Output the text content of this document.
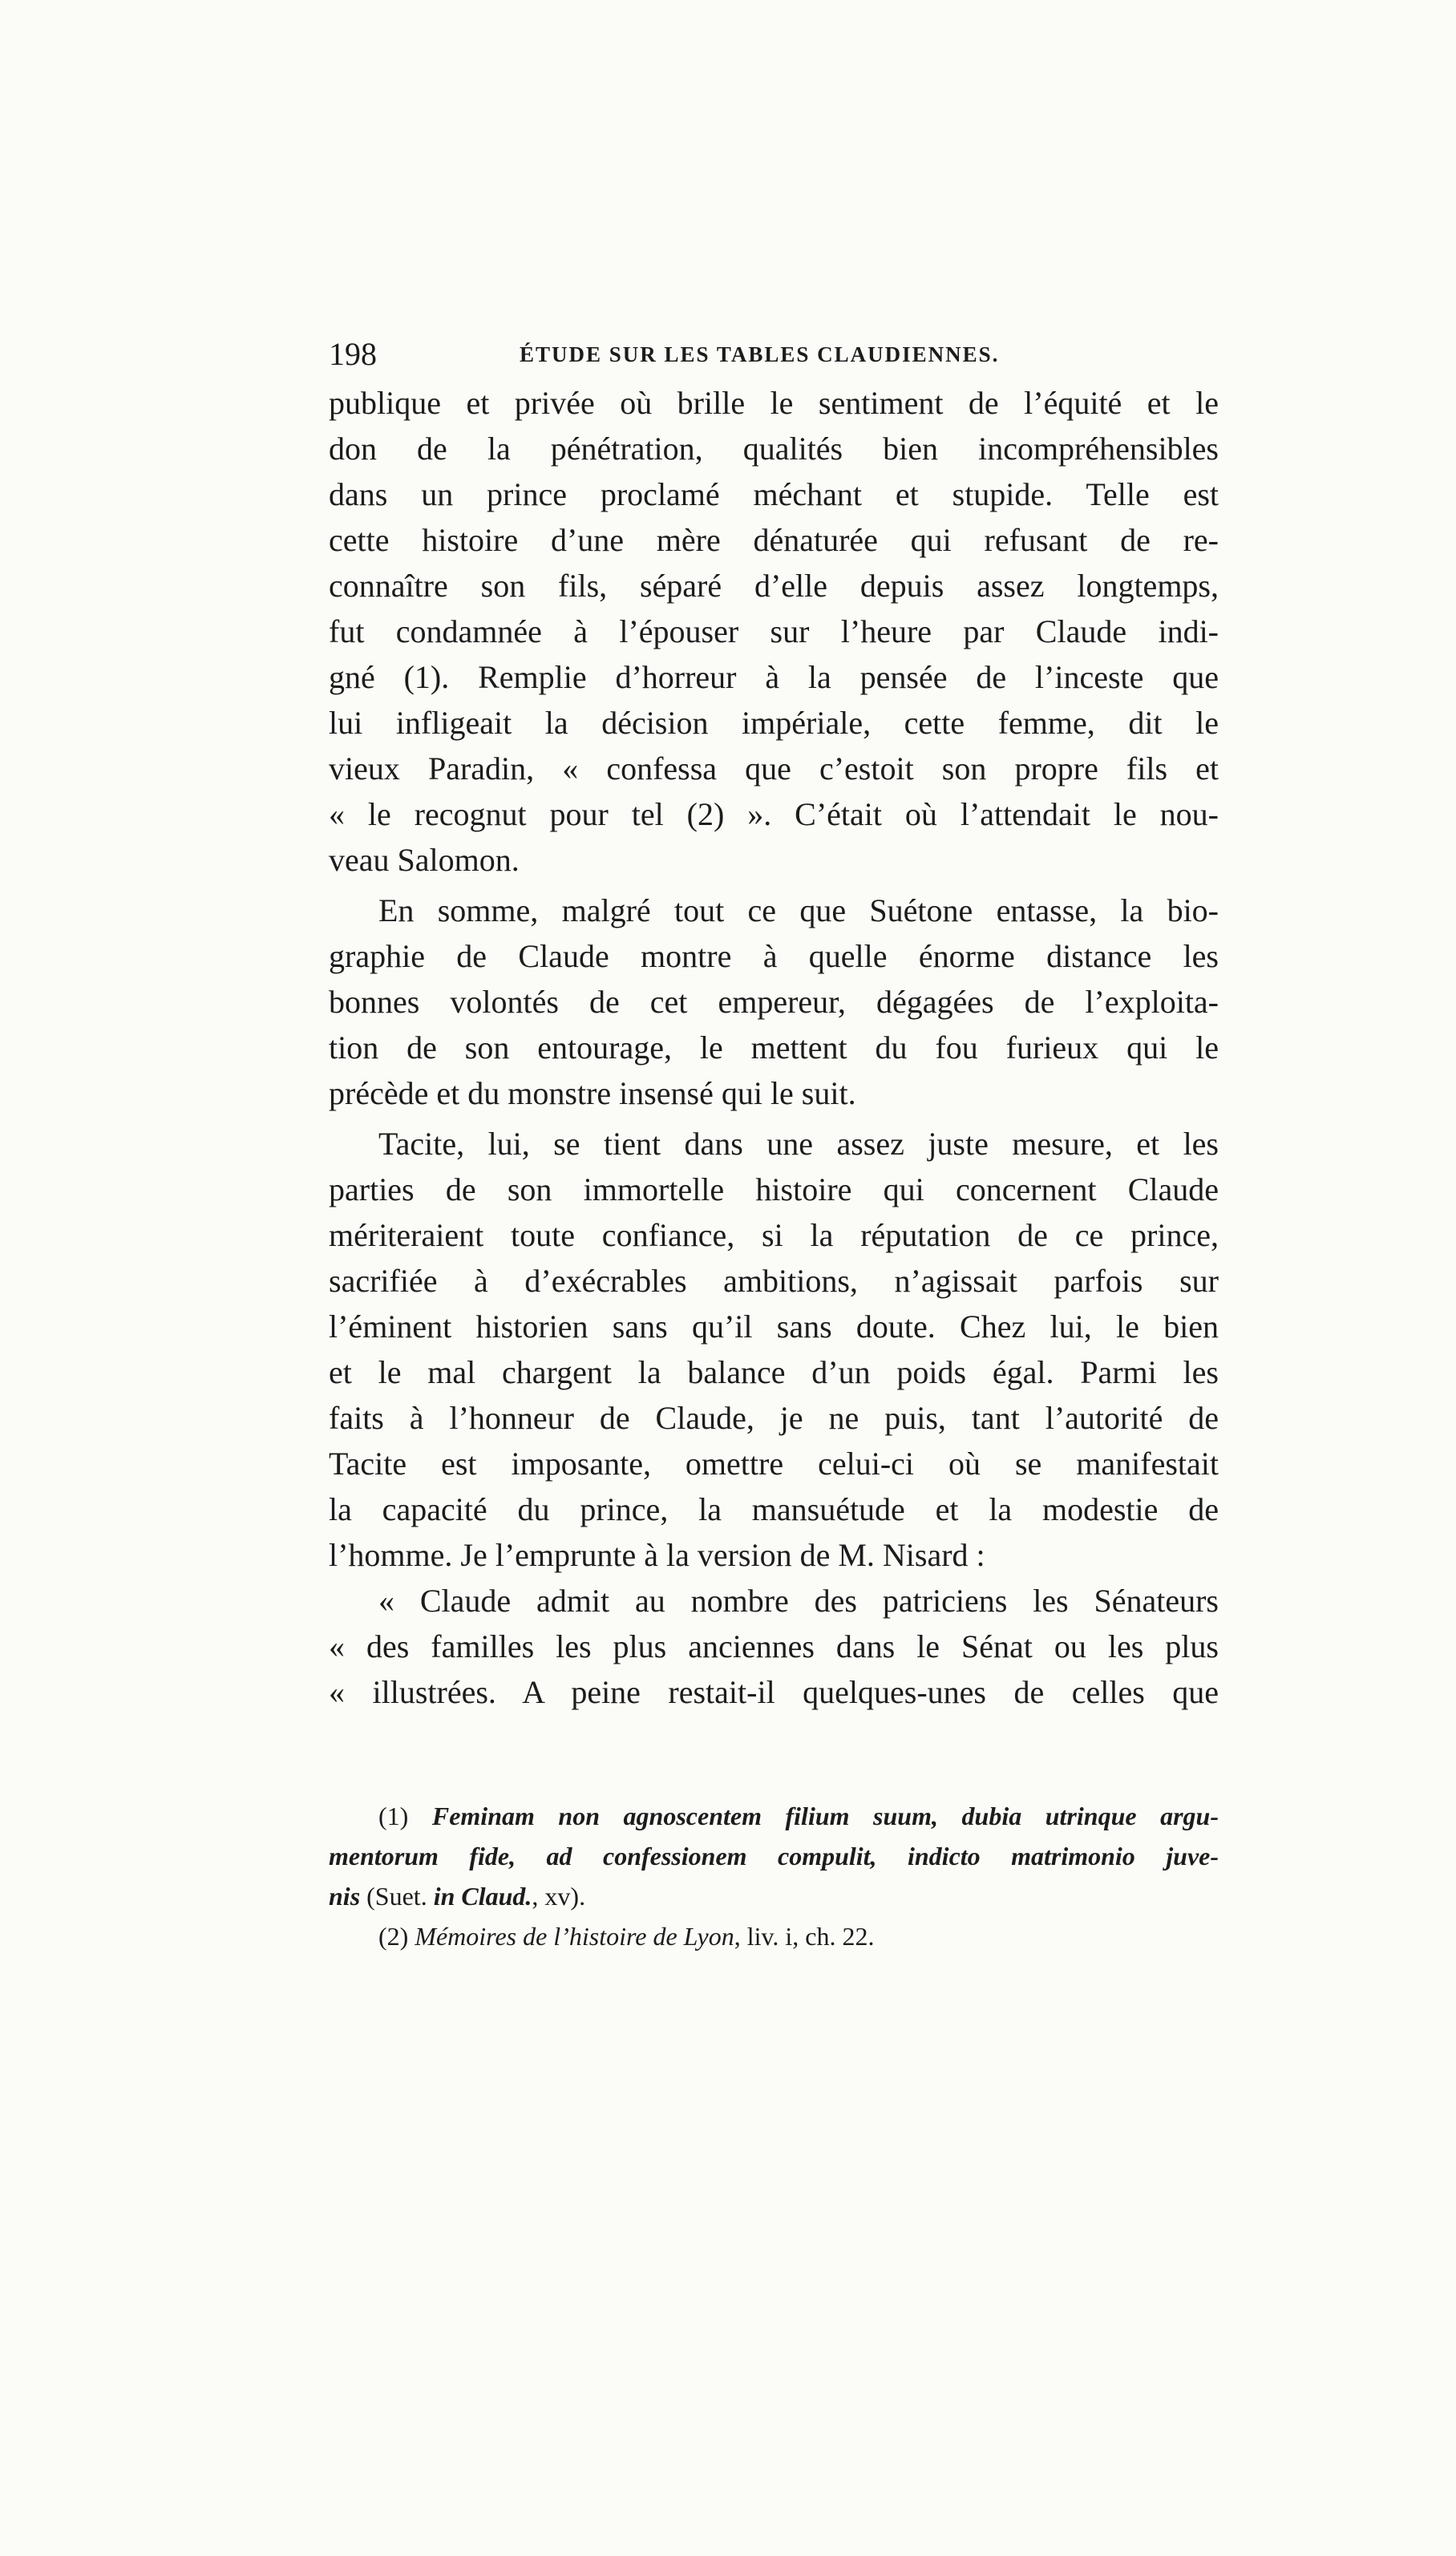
198	ÉTUDE SUR LES TABLES CLAUDIENNES.
publique et privée où brille le sentiment de l’équité et le
don de la pénétration, qualités bien incompréhensibles
dans un prince proclamé méchant et stupide. Telle est
cette histoire d’une mère dénaturée qui refusant de re-
connaître son fils, séparé d’elle depuis assez longtemps,
fut condamnée à l’épouser sur l’heure par Claude indi-
gné (1). Remplie d’horreur à la pensée de l’inceste que
lui infligeait la décision impériale, cette femme, dit le
vieux Paradin, « confessa que c’estoit son propre fils et
« le recognut pour tel (2) ». C’était où l’attendait le nou-
veau Salomon.
En somme, malgré tout ce que Suétone entasse, la bio-
graphie de Claude montre à quelle énorme distance les
bonnes volontés de cet empereur, dégagées de l’exploita-
tion de son entourage, le mettent du fou furieux qui le
précède et du monstre insensé qui le suit.
Tacite, lui, se tient dans une assez juste mesure, et les
parties de son immortelle histoire qui concernent Claude
mériteraient toute confiance, si la réputation de ce prince,
sacrifiée à d’exécrables ambitions, n’agissait parfois sur
l’éminent historien sans qu’il sans doute. Chez lui, le bien
et le mal chargent la balance d’un poids égal. Parmi les
faits à l’honneur de Claude, je ne puis, tant l’autorité de
Tacite est imposante, omettre celui-ci où se manifestait
la capacité du prince, la mansuétude et la modestie de
l’homme. Je l’emprunte à la version de M. Nisard :
« Claude admit au nombre des patriciens les Sénateurs
« des familles les plus anciennes dans le Sénat ou les plus
« illustrées. A peine restait-il quelques-unes de celles que
(1) Feminam non agnoscentem filium suum, dubia utrinque argu-
mentorum fide, ad confessionem compulit, indicto matrimonio juve-
nis (Suet. in Claud., xv).
(2) Mémoires de l’histoire de Lyon, liv. i, ch. 22.
